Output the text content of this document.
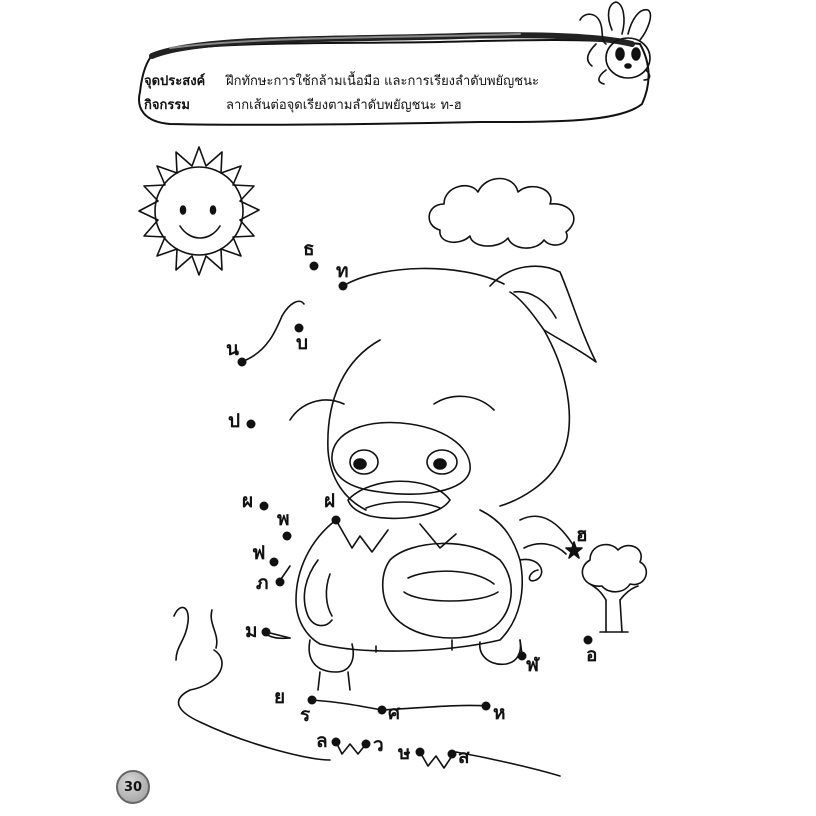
จุดประสงค์ ฝึกทักษะการใช้กล้ามเนื้อมือ และการเรียงลำดับพยัญชนะ
กิจกรรม	ลากเส้นต่อจุดเรียงตามลำดับพยัญชนะ ท-ฮ
ธ
ท
บ
น
ป
ผ
พ
ฝ
ฟ
ภ
ม
ย
ร	ศ	ห
ล ว ษ ส
ฬ อ
ฮ
30
